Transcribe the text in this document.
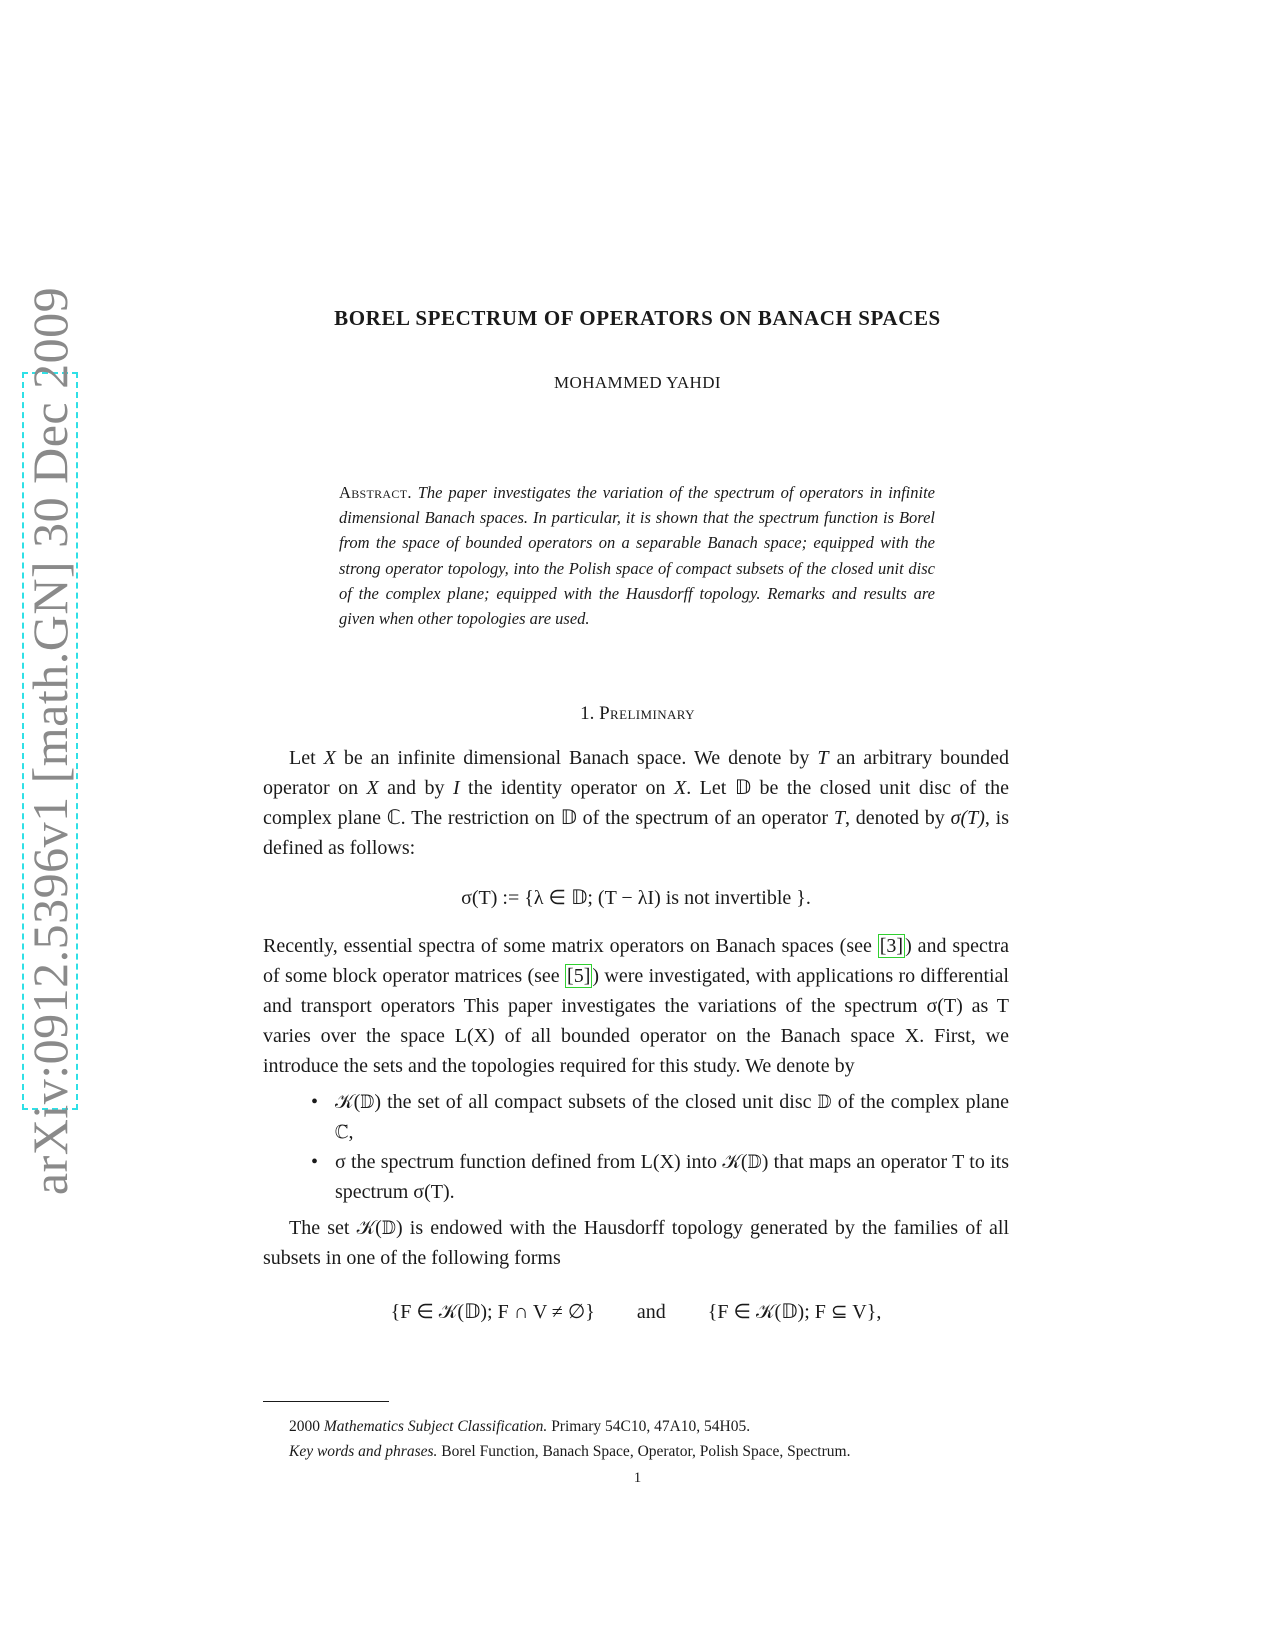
arXiv:0912.5396v1 [math.GN] 30 Dec 2009	BOREL SPECTRUM OF OPERATORS ON BANACH SPACES
MOHAMMED YAHDI
Abstract. The paper investigates the variation of the spectrum of operators in infinite dimensional Banach spaces. In particular, it is shown that the spectrum function is Borel from the space of bounded operators on a separable Banach space; equipped with the strong operator topology, into the Polish space of compact subsets of the closed unit disc of the complex plane; equipped with the Hausdorff topology. Remarks and results are given when other topologies are used.
1. Preliminary

Let X be an infinite dimensional Banach space. We denote by T an arbitrary bounded operator on X and by I the identity operator on X. Let 𝔻 be the closed unit disc of the complex plane ℂ. The restriction on 𝔻 of the spectrum of an operator T, denoted by σ(T), is defined as follows:

σ(T) := {λ ∈ 𝔻; (T − λI) is not invertible }.

Recently, essential spectra of some matrix operators on Banach spaces (see [3] ) and spectra of some block operator matrices (see [5] ) were investigated, with applications ro differential and transport operators This paper investigates the variations of the spectrum σ(T) as T varies over the space L(X) of all bounded operator on the Banach space X. First, we introduce the sets and the topologies required for this study. We denote by

• 𝒦(𝔻) the set of all compact subsets of the closed unit disc 𝔻 of the complex plane ℂ,
• σ the spectrum function defined from L(X) into 𝒦(𝔻) that maps an operator T to its spectrum σ(T).

The set 𝒦(𝔻) is endowed with the Hausdorff topology generated by the families of all subsets in one of the following forms

{F ∈ 𝒦(𝔻); F ∩ V ≠ ∅} and {F ∈ 𝒦(𝔻); F ⊆ V},

2000 Mathematics Subject Classification. Primary 54C10, 47A10, 54H05.
Key words and phrases. Borel Function, Banach Space, Operator, Polish Space, Spectrum.
1
